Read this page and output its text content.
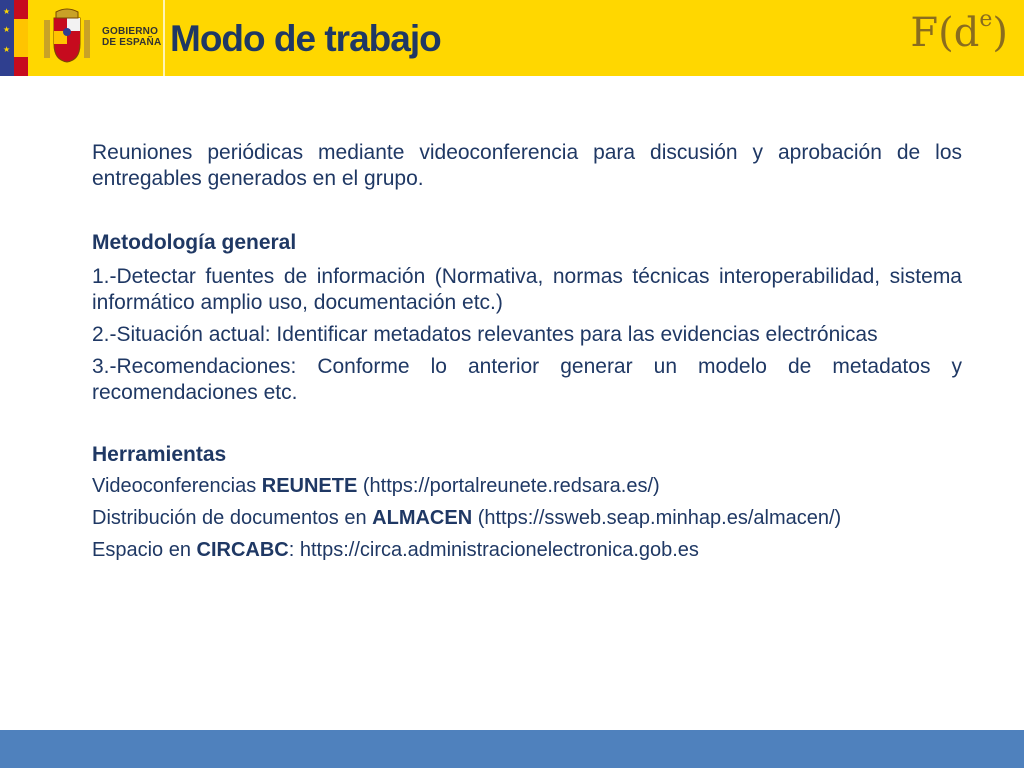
★
★
★
GOBIERNO
DE ESPAÑA Modo de trabajo	$F(d^e)$

Reuniones periódicas mediante videoconferencia para discusión y aprobación de los entregables generados en el grupo.

Metodología general

1.-Detectar fuentes de información (Normativa, normas técnicas interoperabilidad, sistema informático amplio uso, documentación etc.)

2.-Situación actual: Identificar metadatos relevantes para las evidencias electrónicas

3.-Recomendaciones: Conforme lo anterior generar un modelo de metadatos y recomendaciones etc.

Herramientas

Videoconferencias REUNETE (https://portalreunete.redsara.es/)

Distribución de documentos en ALMACEN (https://ssweb.seap.minhap.es/almacen/)

Espacio en CIRCABC: https://circa.administracionelectronica.gob.es
